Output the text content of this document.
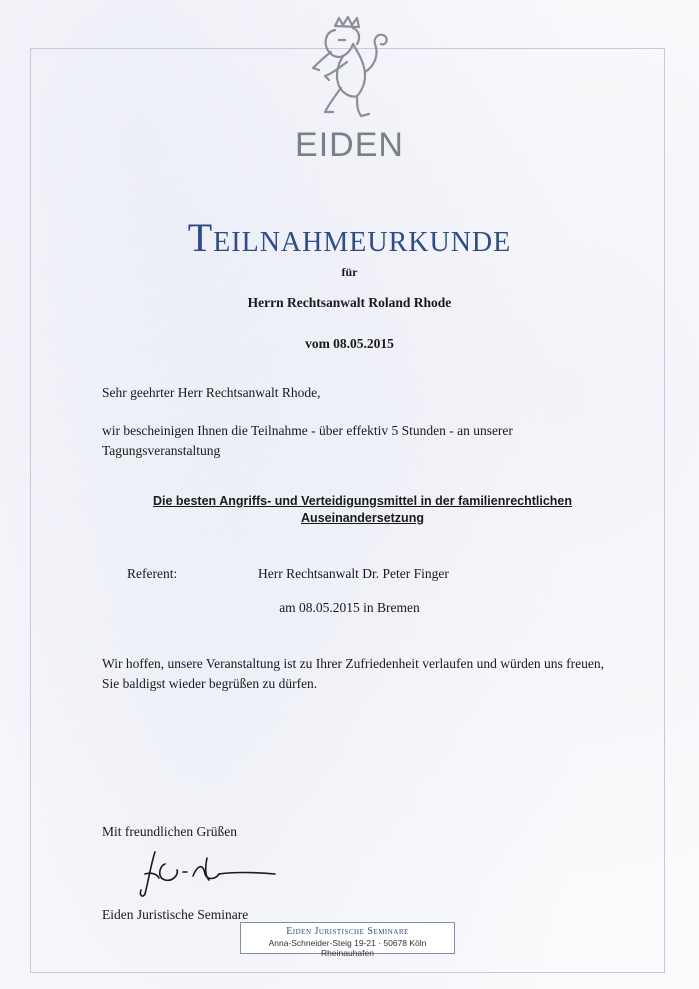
EIDEN
Teilnahmeurkunde
für
Herrn Rechtsanwalt Roland Rhode
vom 08.05.2015
Sehr geehrter Herr Rechtsanwalt Rhode,
wir bescheinigen Ihnen die Teilnahme - über effektiv 5 Stunden - an unserer Tagungsveranstaltung
Die besten Angriffs- und Verteidigungsmittel in der familienrechtlichen
Auseinandersetzung
Referent:	Herr Rechtsanwalt Dr. Peter Finger
am 08.05.2015 in Bremen
Wir hoffen, unsere Veranstaltung ist zu Ihrer Zufriedenheit verlaufen und würden uns freuen, Sie baldigst wieder begrüßen zu dürfen.
Mit freundlichen Grüßen
Eiden Juristische Seminare
Eiden Juristische Seminare
Anna-Schneider-Steig 19-21 · 50678 Köln Rheinauhafen
